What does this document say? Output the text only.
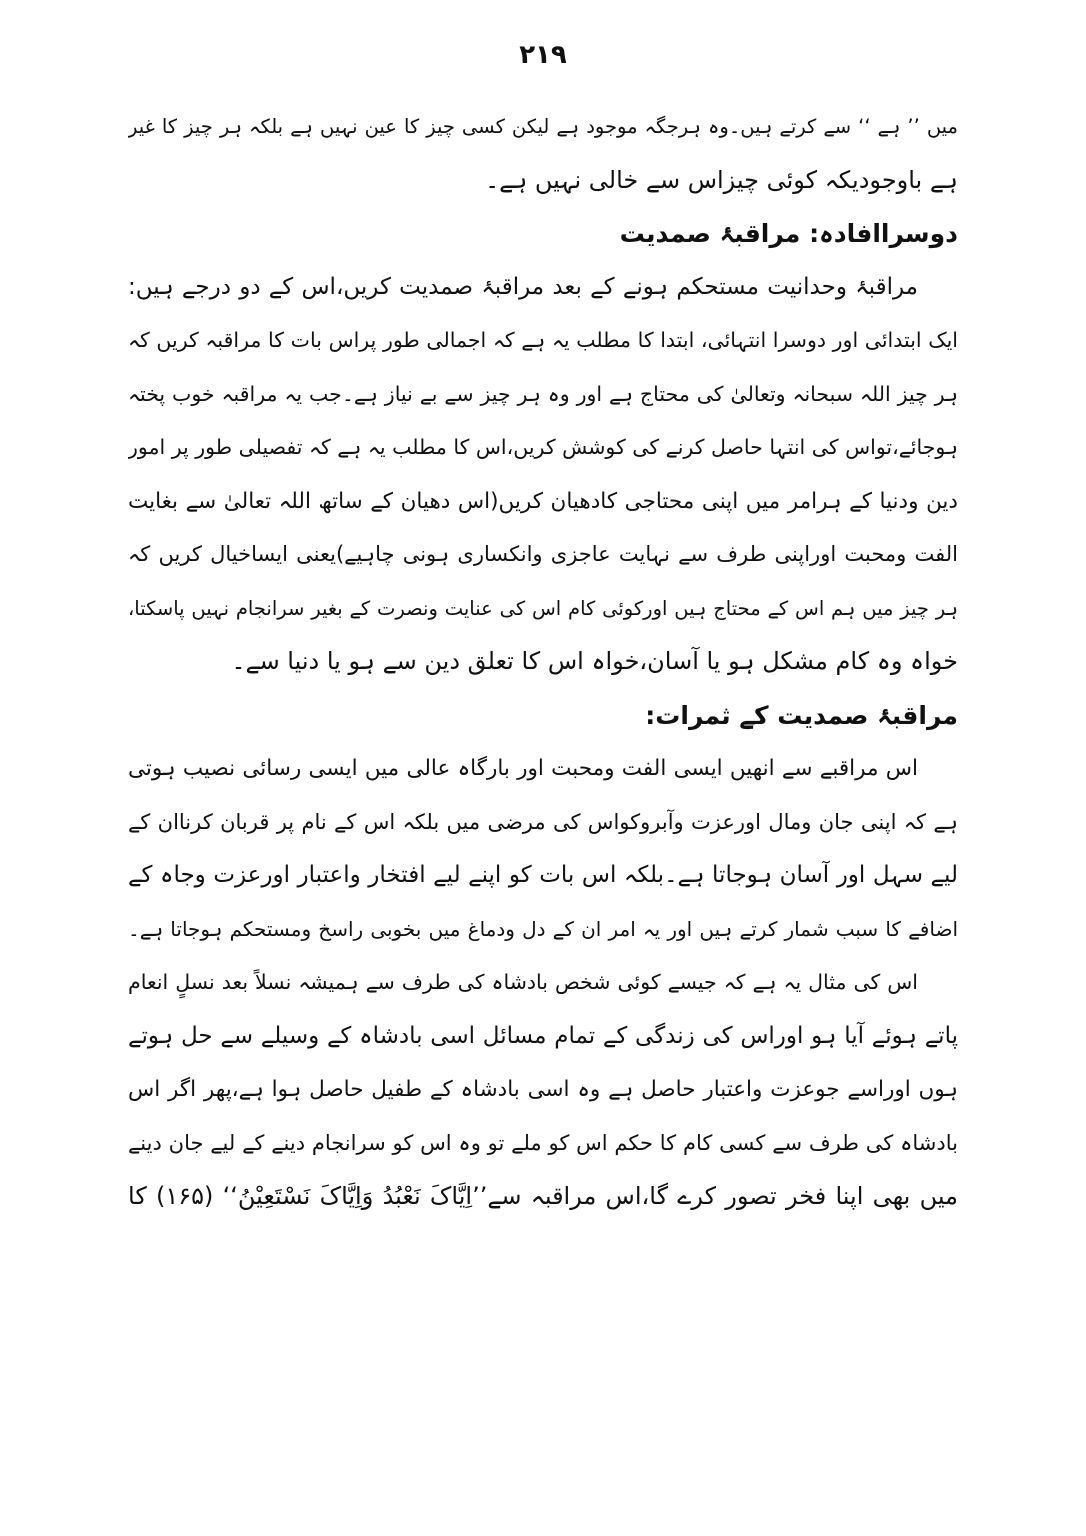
۲۱۹
میں ’’ ہے ‘‘ سے کرتے ہیں۔وہ ہرجگہ موجود ہے لیکن کسی چیز کا عین نہیں ہے بلکہ ہر چیز کا غیر
ہے باوجودیکہ کوئی چیزاس سے خالی نہیں ہے۔
دوسراافادہ: مراقبۂ صمدیت
مراقبۂ وحدانیت مستحکم ہونے کے بعد مراقبۂ صمدیت کریں،اس کے دو درجے ہیں:
ایک ابتدائی اور دوسرا انتہائی، ابتدا کا مطلب یہ ہے کہ اجمالی طور پراس بات کا مراقبہ کریں کہ
ہر چیز اللہ سبحانہ وتعالیٰ کی محتاج ہے اور وہ ہر چیز سے بے نیاز ہے۔جب یہ مراقبہ خوب پختہ
ہوجائے،تواس کی انتہا حاصل کرنے کی کوشش کریں،اس کا مطلب یہ ہے کہ تفصیلی طور پر امور
دین ودنیا کے ہرامر میں اپنی محتاجی کادھیان کریں(اس دھیان کے ساتھ اللہ تعالیٰ سے بغایت
الفت ومحبت اوراپنی طرف سے نہایت عاجزی وانکساری ہونی چاہیے)یعنی ایساخیال کریں کہ
ہر چیز میں ہم اس کے محتاج ہیں اورکوئی کام اس کی عنایت ونصرت کے بغیر سرانجام نہیں پاسکتا،
خواہ وہ کام مشکل ہو یا آسان،خواہ اس کا تعلق دین سے ہو یا دنیا سے۔
مراقبۂ صمدیت کے ثمرات:
اس مراقبے سے انھیں ایسی الفت ومحبت اور بارگاہ عالی میں ایسی رسائی نصیب ہوتی
ہے کہ اپنی جان ومال اورعزت وآبروکواس کی مرضی میں بلکہ اس کے نام پر قربان کرناان کے
لیے سہل اور آسان ہوجاتا ہے۔بلکہ اس بات کو اپنے لیے افتخار واعتبار اورعزت وجاہ کے
اضافے کا سبب شمار کرتے ہیں اور یہ امر ان کے دل ودماغ میں بخوبی راسخ ومستحکم ہوجاتا ہے۔
اس کی مثال یہ ہے کہ جیسے کوئی شخص بادشاہ کی طرف سے ہمیشہ نسلاً بعد نسلٍ انعام
پاتے ہوئے آیا ہو اوراس کی زندگی کے تمام مسائل اسی بادشاہ کے وسیلے سے حل ہوتے
ہوں اوراسے جوعزت واعتبار حاصل ہے وہ اسی بادشاہ کے طفیل حاصل ہوا ہے،پھر اگر اس
بادشاہ کی طرف سے کسی کام کا حکم اس کو ملے تو وہ اس کو سرانجام دینے کے لیے جان دینے
میں بھی اپنا فخر تصور کرے گا،اس مراقبہ سے’’اِیَّاکَ نَعْبُدُ وَاِیَّاکَ نَسْتَعِیْنُ‘‘ (۱۶۵) کا
